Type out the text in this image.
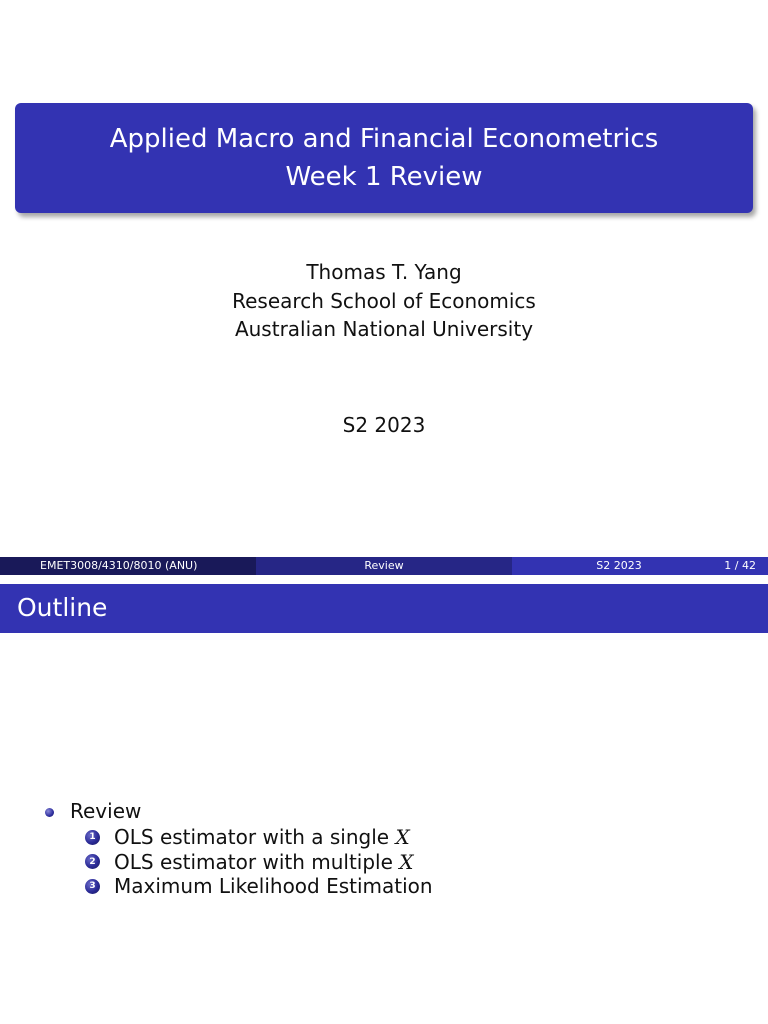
Applied Macro and Financial Econometrics
Week 1 Review
Thomas T. Yang
Research School of Economics
Australian National University
S2 2023
EMET3008/4310/8010 (ANU)	Review	S2 2023	1 / 42
Outline
Review
1 OLS estimator with a single X
2 OLS estimator with multiple X
3 Maximum Likelihood Estimation
